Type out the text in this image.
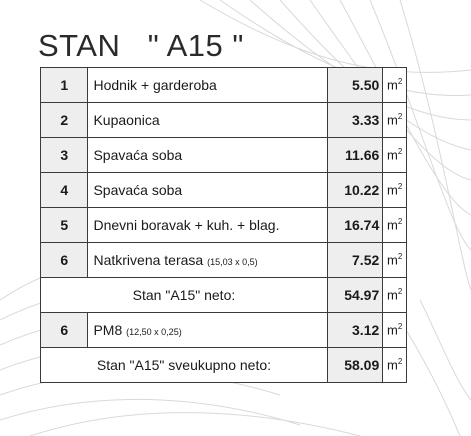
STAN   " A15 "
1	Hodnik + garderoba	5.50	$m^2$
2	Kupaonica	3.33	$m^2$
3	Spavaća soba	11.66	$m^2$
4	Spavaća soba	10.22	$m^2$
5	Dnevni boravak + kuh. + blag.	16.74	$m^2$
6	Natkrivena terasa (15,03 x 0,5)	7.52	$m^2$
Stan "A15" neto:		54.97	$m^2$
6	PM8 (12,50 x 0,25)	3.12	$m^2$
Stan "A15" sveukupno neto:		58.09	$m^2$
